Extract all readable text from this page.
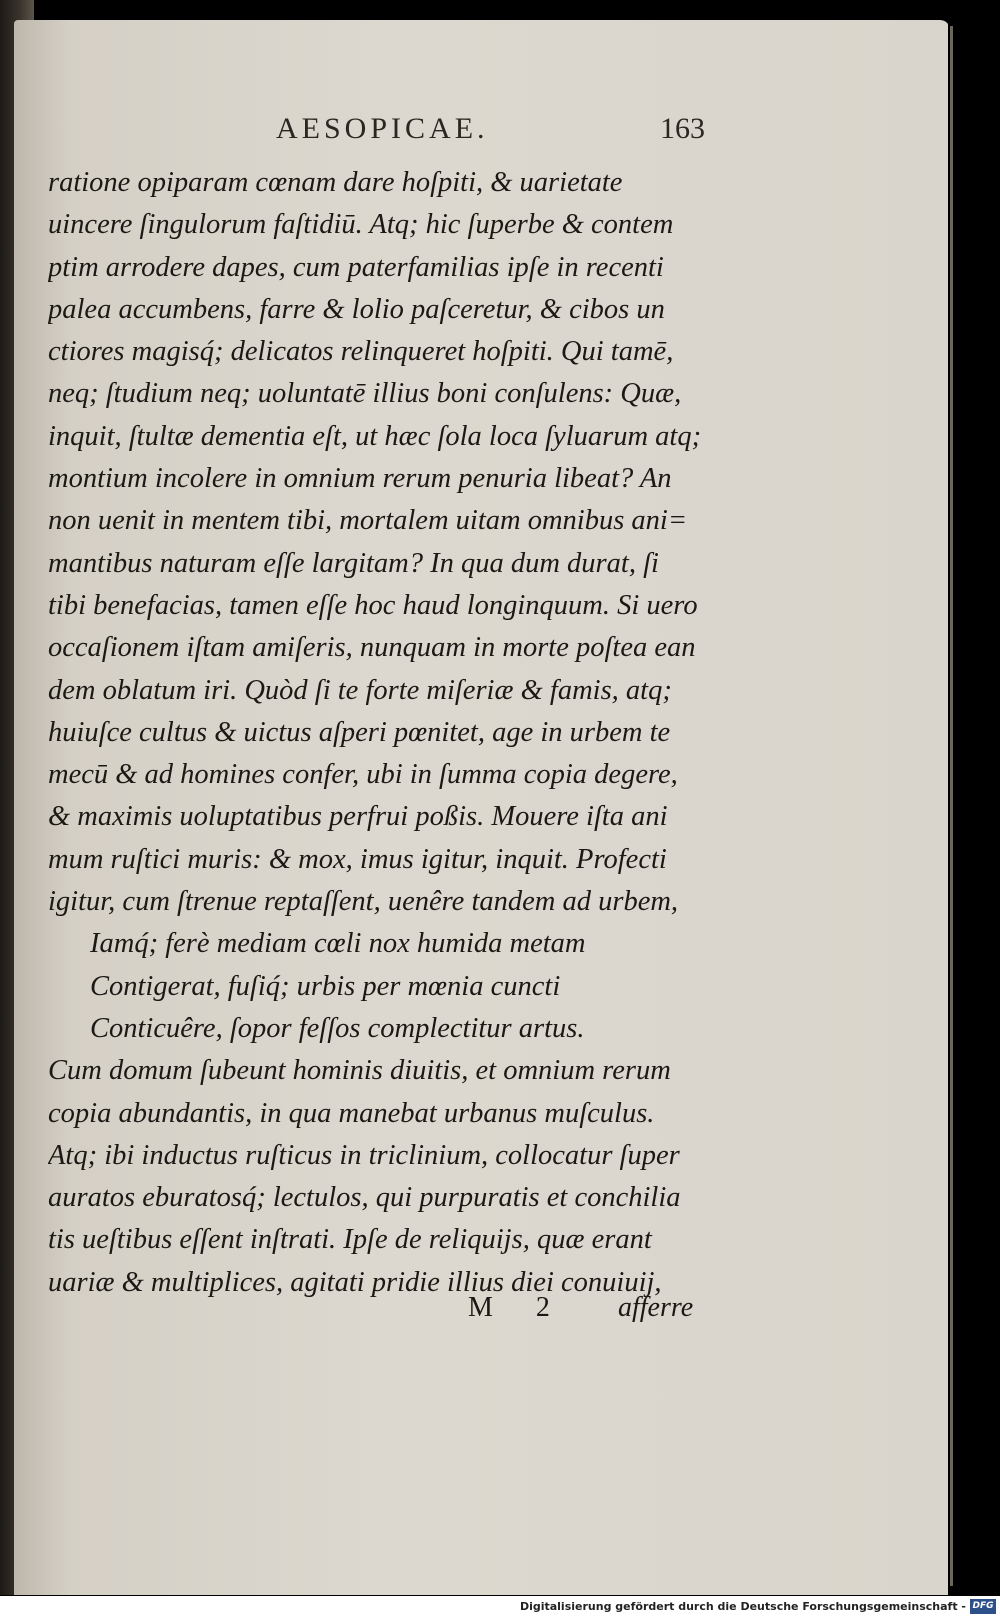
AESOPICAE.	163
ratione opiparam cœnam dare hoſpiti, & uarietate
uincere ſingulorum faſtidiū. Atq; hic ſuperbe & contem
ptim arrodere dapes, cum paterfamilias ipſe in recenti
palea accumbens, farre & lolio paſceretur, & cibos un
ctiores magisq́; delicatos relinqueret hoſpiti. Qui tamē,
neq; ſtudium neq; uoluntatē illius boni conſulens: Quæ,
inquit, ſtultæ dementia eſt, ut hæc ſola loca ſyluarum atq;
montium incolere in omnium rerum penuria libeat? An
non uenit in mentem tibi, mortalem uitam omnibus ani=
mantibus naturam eſſe largitam? In qua dum durat, ſi
tibi benefacias, tamen eſſe hoc haud longinquum. Si uero
occaſionem iſtam amiſeris, nunquam in morte poſtea ean
dem oblatum iri. Quòd ſi te forte miſeriæ & famis, atq;
huiuſce cultus & uictus aſperi pœnitet, age in urbem te
mecū & ad homines confer, ubi in ſumma copia degere,
& maximis uoluptatibus perfrui poßis. Mouere iſta ani
mum ruſtici muris: & mox, imus igitur, inquit. Profecti
igitur, cum ſtrenue reptaſſent, uenêre tandem ad urbem,
Iamq́; ferè mediam cœli nox humida metam
Contigerat, fuſiq́; urbis per mœnia cuncti
Conticuêre, ſopor feſſos complectitur artus.
Cum domum ſubeunt hominis diuitis, et omnium rerum
copia abundantis, in qua manebat urbanus muſculus.
Atq; ibi inductus ruſticus in triclinium, collocatur ſuper
auratos eburatosq́; lectulos, qui purpuratis et conchilia
tis ueſtibus eſſent inſtrati. Ipſe de reliquijs, quæ erant
uariæ & multiplices, agitati pridie illius diei conuiuij,
M 2 afferre
Digitalisierung gefördert durch die Deutsche Forschungsgemeinschaft - DFG
